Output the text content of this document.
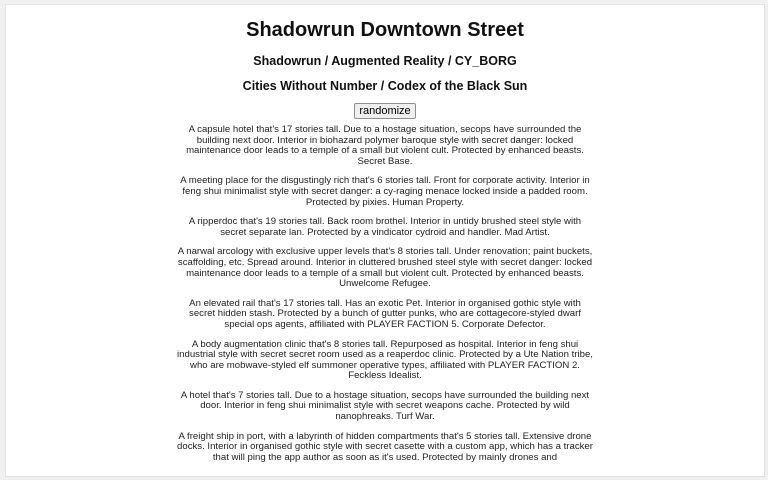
Shadowrun Downtown Street
Shadowrun / Augmented Reality / CY_BORG
Cities Without Number / Codex of the Black Sun
randomize

A capsule hotel that's 17 stories tall. Due to a hostage situation, secops have surrounded the building next door. Interior in biohazard polymer baroque style with secret danger: locked maintenance door leads to a temple of a small but violent cult. Protected by enhanced beasts. Secret Base.

A meeting place for the disgustingly rich that's 6 stories tall. Front for corporate activity. Interior in feng shui minimalist style with secret danger: a cy-raging menace locked inside a padded room. Protected by pixies. Human Property.

A ripperdoc that's 19 stories tall. Back room brothel. Interior in untidy brushed steel style with secret separate lan. Protected by a vindicator cydroid and handler. Mad Artist.

A narwal arcology with exclusive upper levels that's 8 stories tall. Under renovation; paint buckets, scaffolding, etc. Spread around. Interior in cluttered brushed steel style with secret danger: locked maintenance door leads to a temple of a small but violent cult. Protected by enhanced beasts. Unwelcome Refugee.

An elevated rail that's 17 stories tall. Has an exotic Pet. Interior in organised gothic style with secret hidden stash. Protected by a bunch of gutter punks, who are cottagecore-styled dwarf special ops agents, affiliated with PLAYER FACTION 5. Corporate Defector.

A body augmentation clinic that's 8 stories tall. Repurposed as hospital. Interior in feng shui industrial style with secret secret room used as a reaperdoc clinic. Protected by a Ute Nation tribe, who are mobwave-styled elf summoner operative types, affiliated with PLAYER FACTION 2. Feckless Idealist.

A hotel that's 7 stories tall. Due to a hostage situation, secops have surrounded the building next door. Interior in feng shui minimalist style with secret weapons cache. Protected by wild nanophreaks. Turf War.

A freight ship in port, with a labyrinth of hidden compartments that's 5 stories tall. Extensive drone docks. Interior in organised gothic style with secret casette with a custom app, which has a tracker that will ping the app author as soon as it's used. Protected by mainly drones and
